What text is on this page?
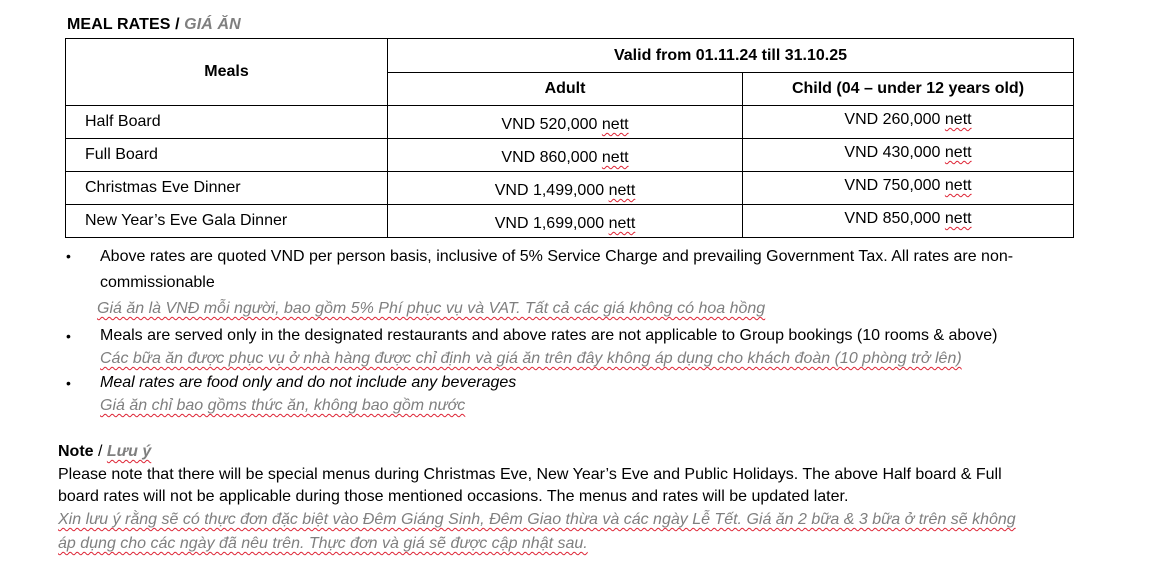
MEAL RATES / GIÁ ĂN
Meals	Valid from 01.11.24 till 31.10.25	
	Adult	Child (04 – under 12 years old)
Half Board	VND 520,000 nett	VND 260,000 nett
Full Board	VND 860,000 nett	VND 430,000 nett
Christmas Eve Dinner	VND 1,499,000 nett	VND 750,000 nett
New Year’s Eve Gala Dinner	VND 1,699,000 nett	VND 850,000 nett
• Above rates are quoted VND per person basis, inclusive of 5% Service Charge and prevailing Government Tax. All rates are non-
commissionable
Giá ăn là VNĐ mỗi người, bao gồm 5% Phí phục vụ và VAT. Tất cả các giá không có hoa hồng
• Meals are served only in the designated restaurants and above rates are not applicable to Group bookings (10 rooms & above)
Các bữa ăn được phục vụ ở nhà hàng được chỉ định và giá ăn trên đây không áp dụng cho khách đoàn (10 phòng trở lên)
• Meal rates are food only and do not include any beverages
Giá ăn chỉ bao gồms thức ăn, không bao gồm nước
Note / Lưu ý
Please note that there will be special menus during Christmas Eve, New Year’s Eve and Public Holidays. The above Half board & Full
board rates will not be applicable during those mentioned occasions. The menus and rates will be updated later.
Xin lưu ý rằng sẽ có thực đơn đặc biệt vào Đêm Giáng Sinh, Đêm Giao thừa và các ngày Lễ Tết. Giá ăn 2 bữa & 3 bữa ở trên sẽ không
áp dụng cho các ngày đã nêu trên. Thực đơn và giá sẽ được cập nhật sau.
